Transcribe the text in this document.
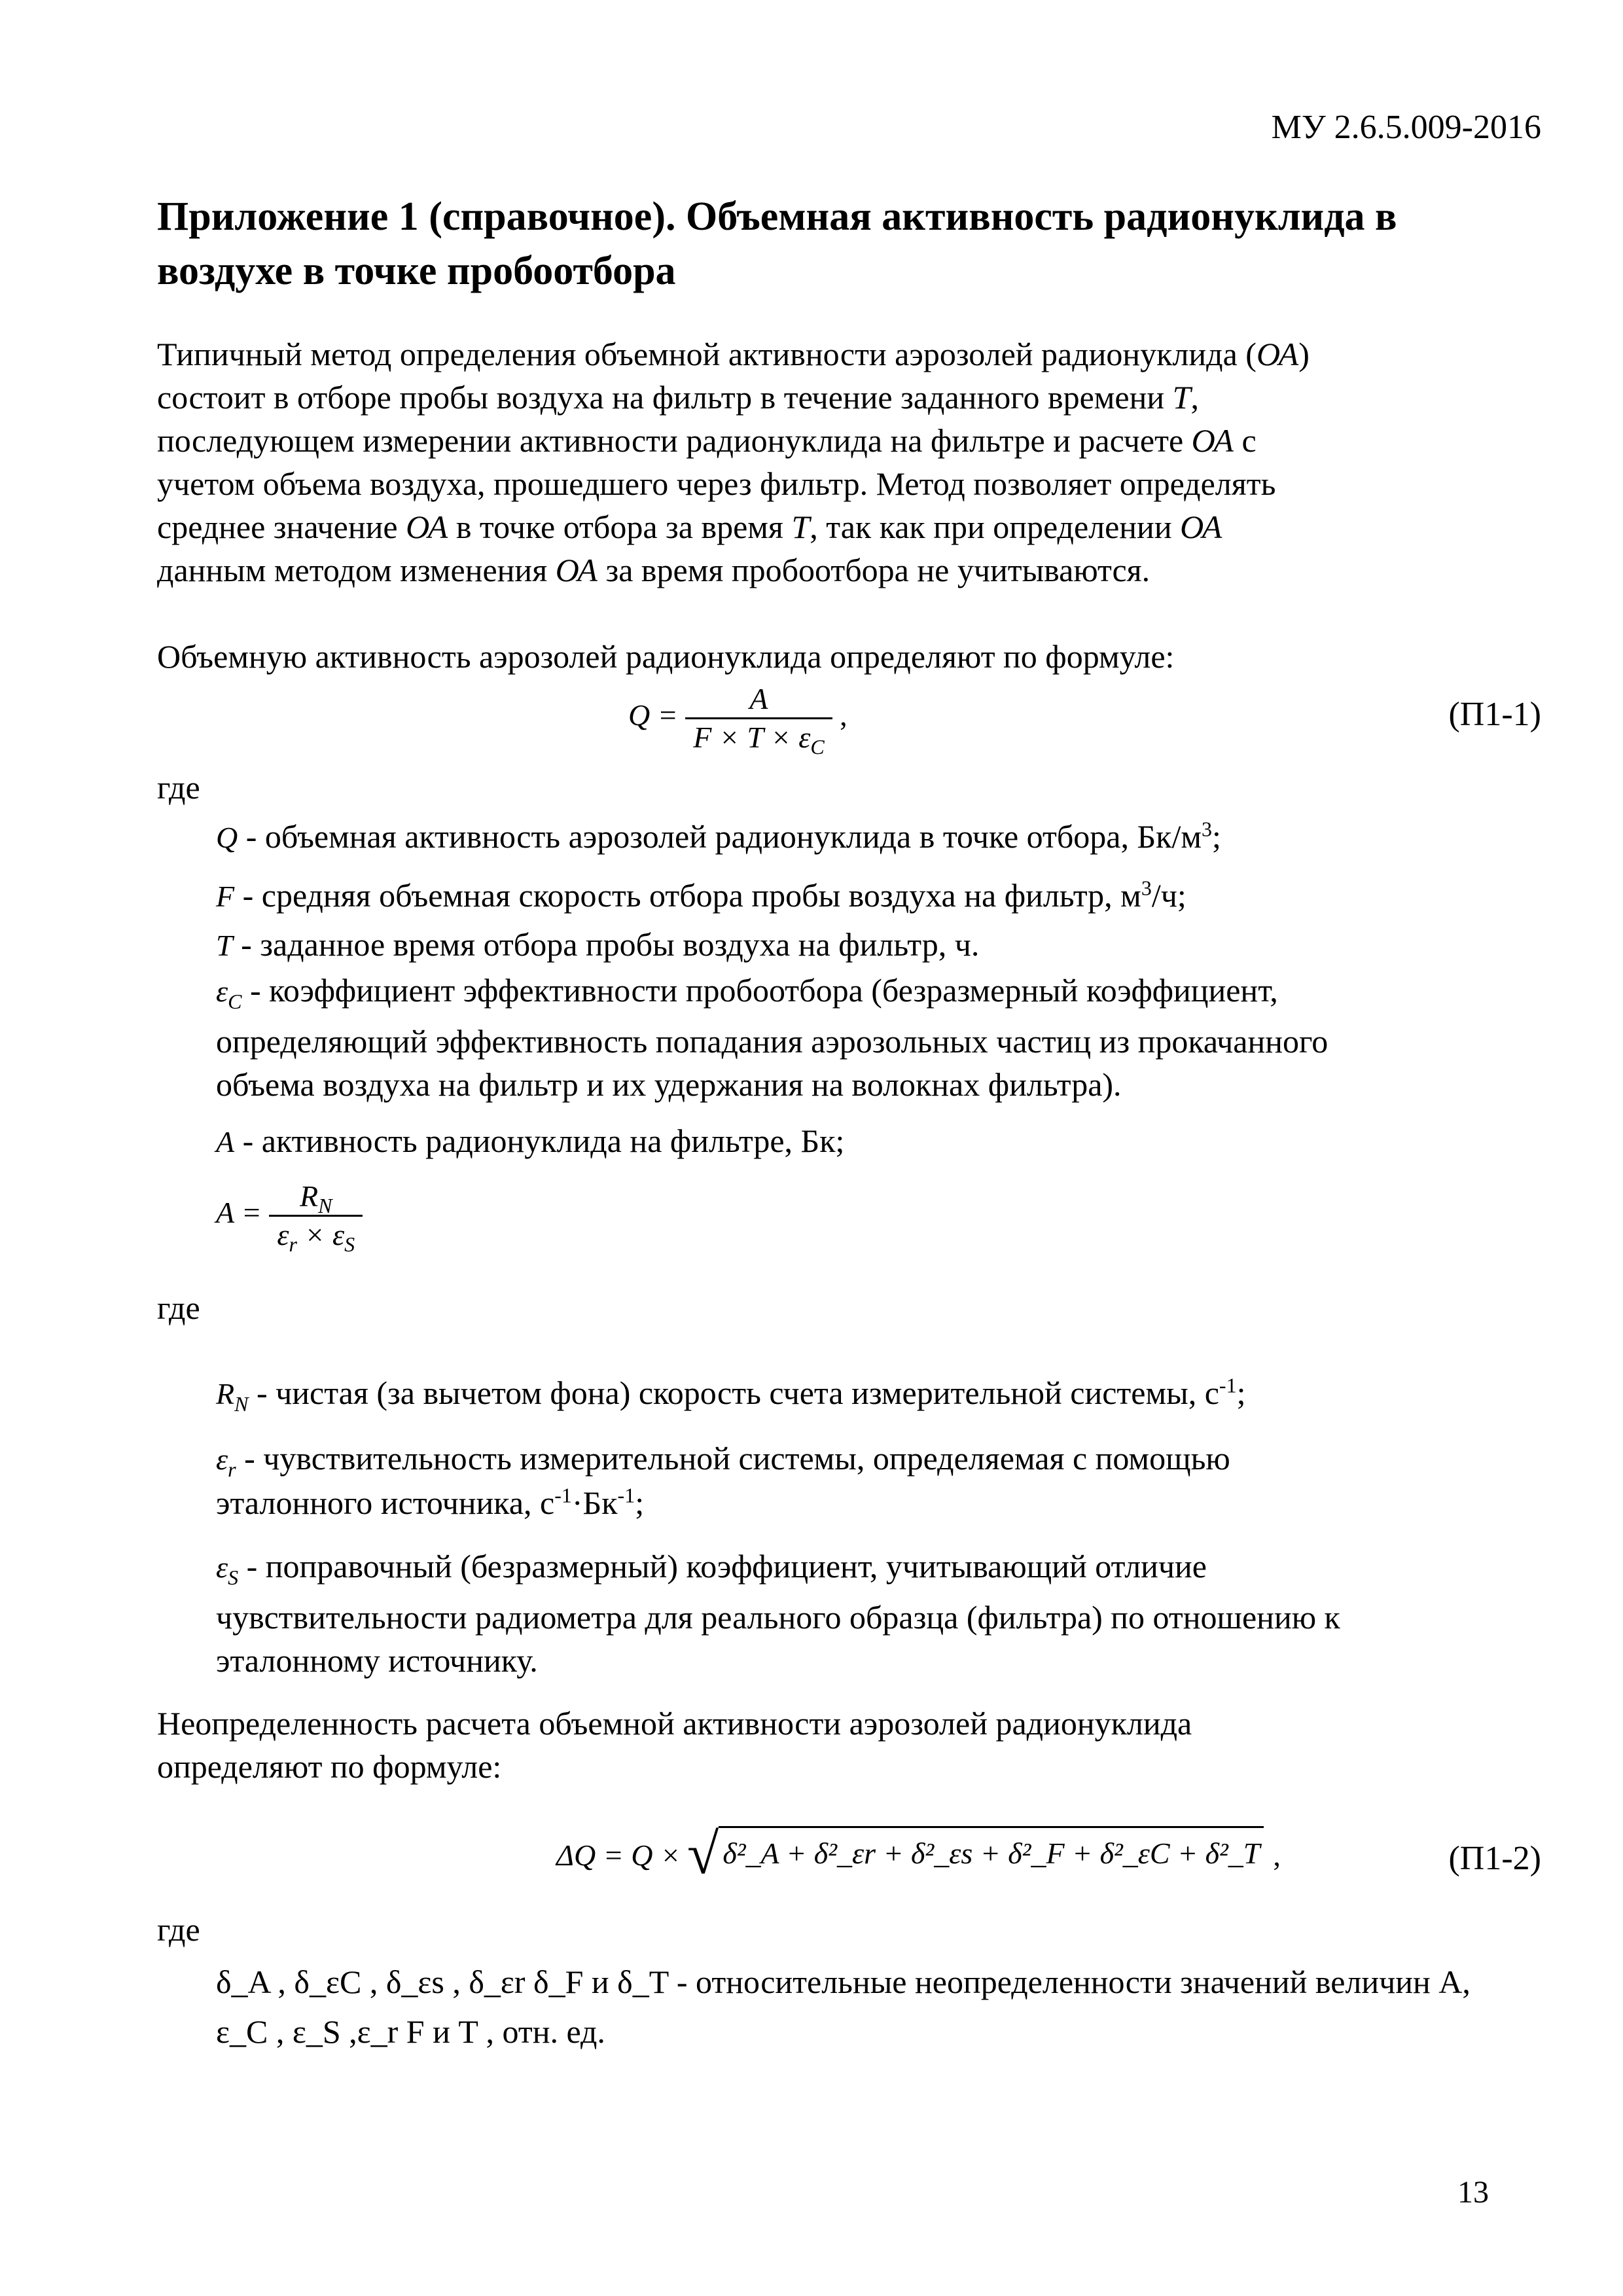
МУ 2.6.5.009-2016
Приложение 1 (справочное). Объемная активность радионуклида в воздухе в точке пробоотбора
Типичный метод определения объемной активности аэрозолей радионуклида (ОА)
состоит в отборе пробы воздуха на фильтр в течение заданного времени Т,
последующем измерении активности радионуклида на фильтре и расчете ОА с
учетом объема воздуха, прошедшего через фильтр. Метод позволяет определять
среднее значение ОА в точке отбора за время T, так как при определении ОА
данным методом изменения ОА за время пробоотбора не учитываются.
Объемную активность аэрозолей радионуклида определяют по формуле:
$Q = \frac{A}{F \times T \times \varepsilon_C}$ ,	(П1-1)
где
Q - объемная активность аэрозолей радионуклида в точке отбора, $Бк/м^3$;
F - средняя объемная скорость отбора пробы воздуха на фильтр, $м^3/ч$;
T - заданное время отбора пробы воздуха на фильтр, ч.
$\varepsilon_C$ - коэффициент эффективности пробоотбора (безразмерный коэффициент,
определяющий эффективность попадания аэрозольных частиц из прокачанного
объема воздуха на фильтр и их удержания на волокнах фильтра).
A - активность радионуклида на фильтре, Бк;
$A = \frac{R_N}{\varepsilon_r \times \varepsilon_S}$
где
$R_N$ - чистая (за вычетом фона) скорость счета измерительной системы, $с^{-1}$;
$\varepsilon_r$ - чувствительность измерительной системы, определяемая с помощью
эталонного источника, $с^{-1}\cdot Бк^{-1}$;
$\varepsilon_S$ - поправочный (безразмерный) коэффициент, учитывающий отличие
чувствительности радиометра для реального образца (фильтра) по отношению к
эталонному источнику.
Неопределенность расчета объемной активности аэрозолей радионуклида
определяют по формуле:
ΔQ = Q × √ δ²_A + δ²_εr + δ²_εs + δ²_F + δ²_εC + δ²_T ,	(П1-2)
где
δ_A , δ_εC , δ_εs , δ_εr δ_F и δ_T - относительные неопределенности значений величин A,
ε_C , ε_S ,ε_r F и T , отн. ед.
13
